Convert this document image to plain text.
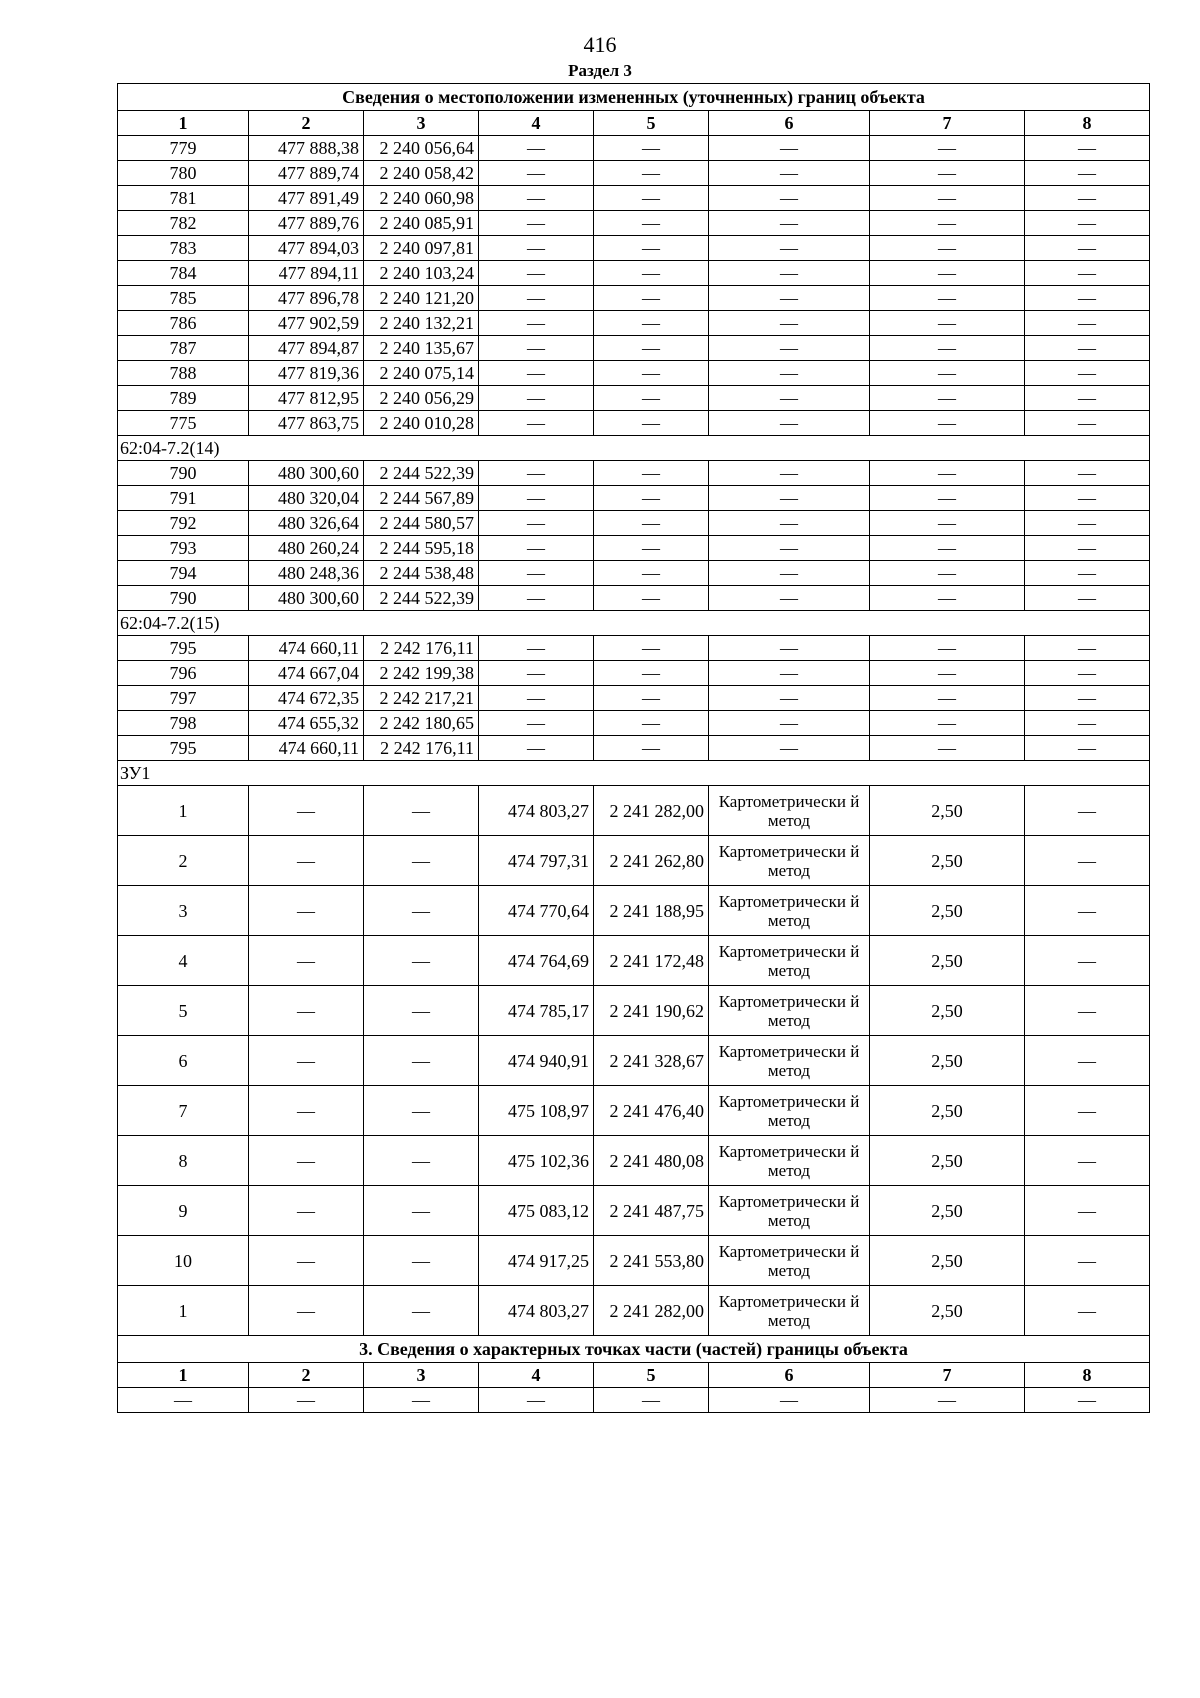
416
Раздел 3
Сведения о местоположении измененных (уточненных) границ объекта							
1	2	3	4	5	6	7	8
779	477 888,38	2 240 056,64	—	—	—	—	—
780	477 889,74	2 240 058,42	—	—	—	—	—
781	477 891,49	2 240 060,98	—	—	—	—	—
782	477 889,76	2 240 085,91	—	—	—	—	—
783	477 894,03	2 240 097,81	—	—	—	—	—
784	477 894,11	2 240 103,24	—	—	—	—	—
785	477 896,78	2 240 121,20	—	—	—	—	—
786	477 902,59	2 240 132,21	—	—	—	—	—
787	477 894,87	2 240 135,67	—	—	—	—	—
788	477 819,36	2 240 075,14	—	—	—	—	—
789	477 812,95	2 240 056,29	—	—	—	—	—
775	477 863,75	2 240 010,28	—	—	—	—	—
62:04-7.2(14)							
790	480 300,60	2 244 522,39	—	—	—	—	—
791	480 320,04	2 244 567,89	—	—	—	—	—
792	480 326,64	2 244 580,57	—	—	—	—	—
793	480 260,24	2 244 595,18	—	—	—	—	—
794	480 248,36	2 244 538,48	—	—	—	—	—
790	480 300,60	2 244 522,39	—	—	—	—	—
62:04-7.2(15)							
795	474 660,11	2 242 176,11	—	—	—	—	—
796	474 667,04	2 242 199,38	—	—	—	—	—
797	474 672,35	2 242 217,21	—	—	—	—	—
798	474 655,32	2 242 180,65	—	—	—	—	—
795	474 660,11	2 242 176,11	—	—	—	—	—
ЗУ1							
1	—	—	474 803,27	2 241 282,00	Картометрически й метод	2,50	—
2	—	—	474 797,31	2 241 262,80	Картометрически й метод	2,50	—
3	—	—	474 770,64	2 241 188,95	Картометрически й метод	2,50	—
4	—	—	474 764,69	2 241 172,48	Картометрически й метод	2,50	—
5	—	—	474 785,17	2 241 190,62	Картометрически й метод	2,50	—
6	—	—	474 940,91	2 241 328,67	Картометрически й метод	2,50	—
7	—	—	475 108,97	2 241 476,40	Картометрически й метод	2,50	—
8	—	—	475 102,36	2 241 480,08	Картометрически й метод	2,50	—
9	—	—	475 083,12	2 241 487,75	Картометрически й метод	2,50	—
10	—	—	474 917,25	2 241 553,80	Картометрически й метод	2,50	—
1	—	—	474 803,27	2 241 282,00	Картометрически й метод	2,50	—
3. Сведения о характерных точках части (частей) границы объекта							
1	2	3	4	5	6	7	8
—	—	—	—	—	—	—	—
